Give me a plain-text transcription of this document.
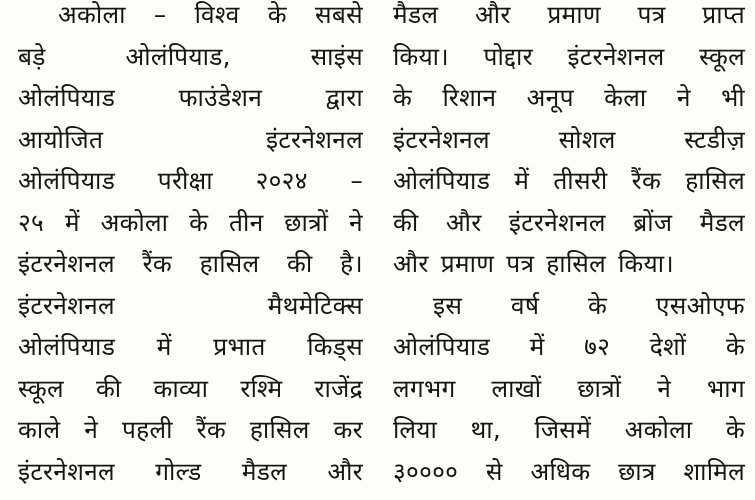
अकोला – विश्व के सबसे
बड़े	ओलंपियाड,	साइंस
ओलंपियाड	फाउंडेशन	द्वारा
आयोजित	इंटरनेशनल
ओलंपियाड परीक्षा २०२४ –
२५ में अकोला के तीन छात्रों ने
इंटरनेशनल रैंक हासिल की है।
इंटरनेशनल	मैथमेटिक्स
ओलंपियाड में प्रभात किड्स
स्कूल की काव्या रश्मि राजेंद्र
काले ने पहली रैंक हासिल कर
इंटरनेशनल गोल्ड मैडल और
मैडल और प्रमाण पत्र प्राप्त
किया। पोद्दार इंटरनेशनल स्कूल
के रिशान अनूप केला ने भी
इंटरनेशनल	सोशल	स्टडीज़
ओलंपियाड में तीसरी रैंक हासिल
की और इंटरनेशनल ब्रोंज मैडल
और प्रमाण पत्र हासिल किया।
इस वर्ष के एसओएफ
ओलंपियाड में ७२ देशों के
लगभग लाखों छात्रों ने भाग
लिया था, जिसमें अकोला के
३०००० से अधिक छात्र शामिल
